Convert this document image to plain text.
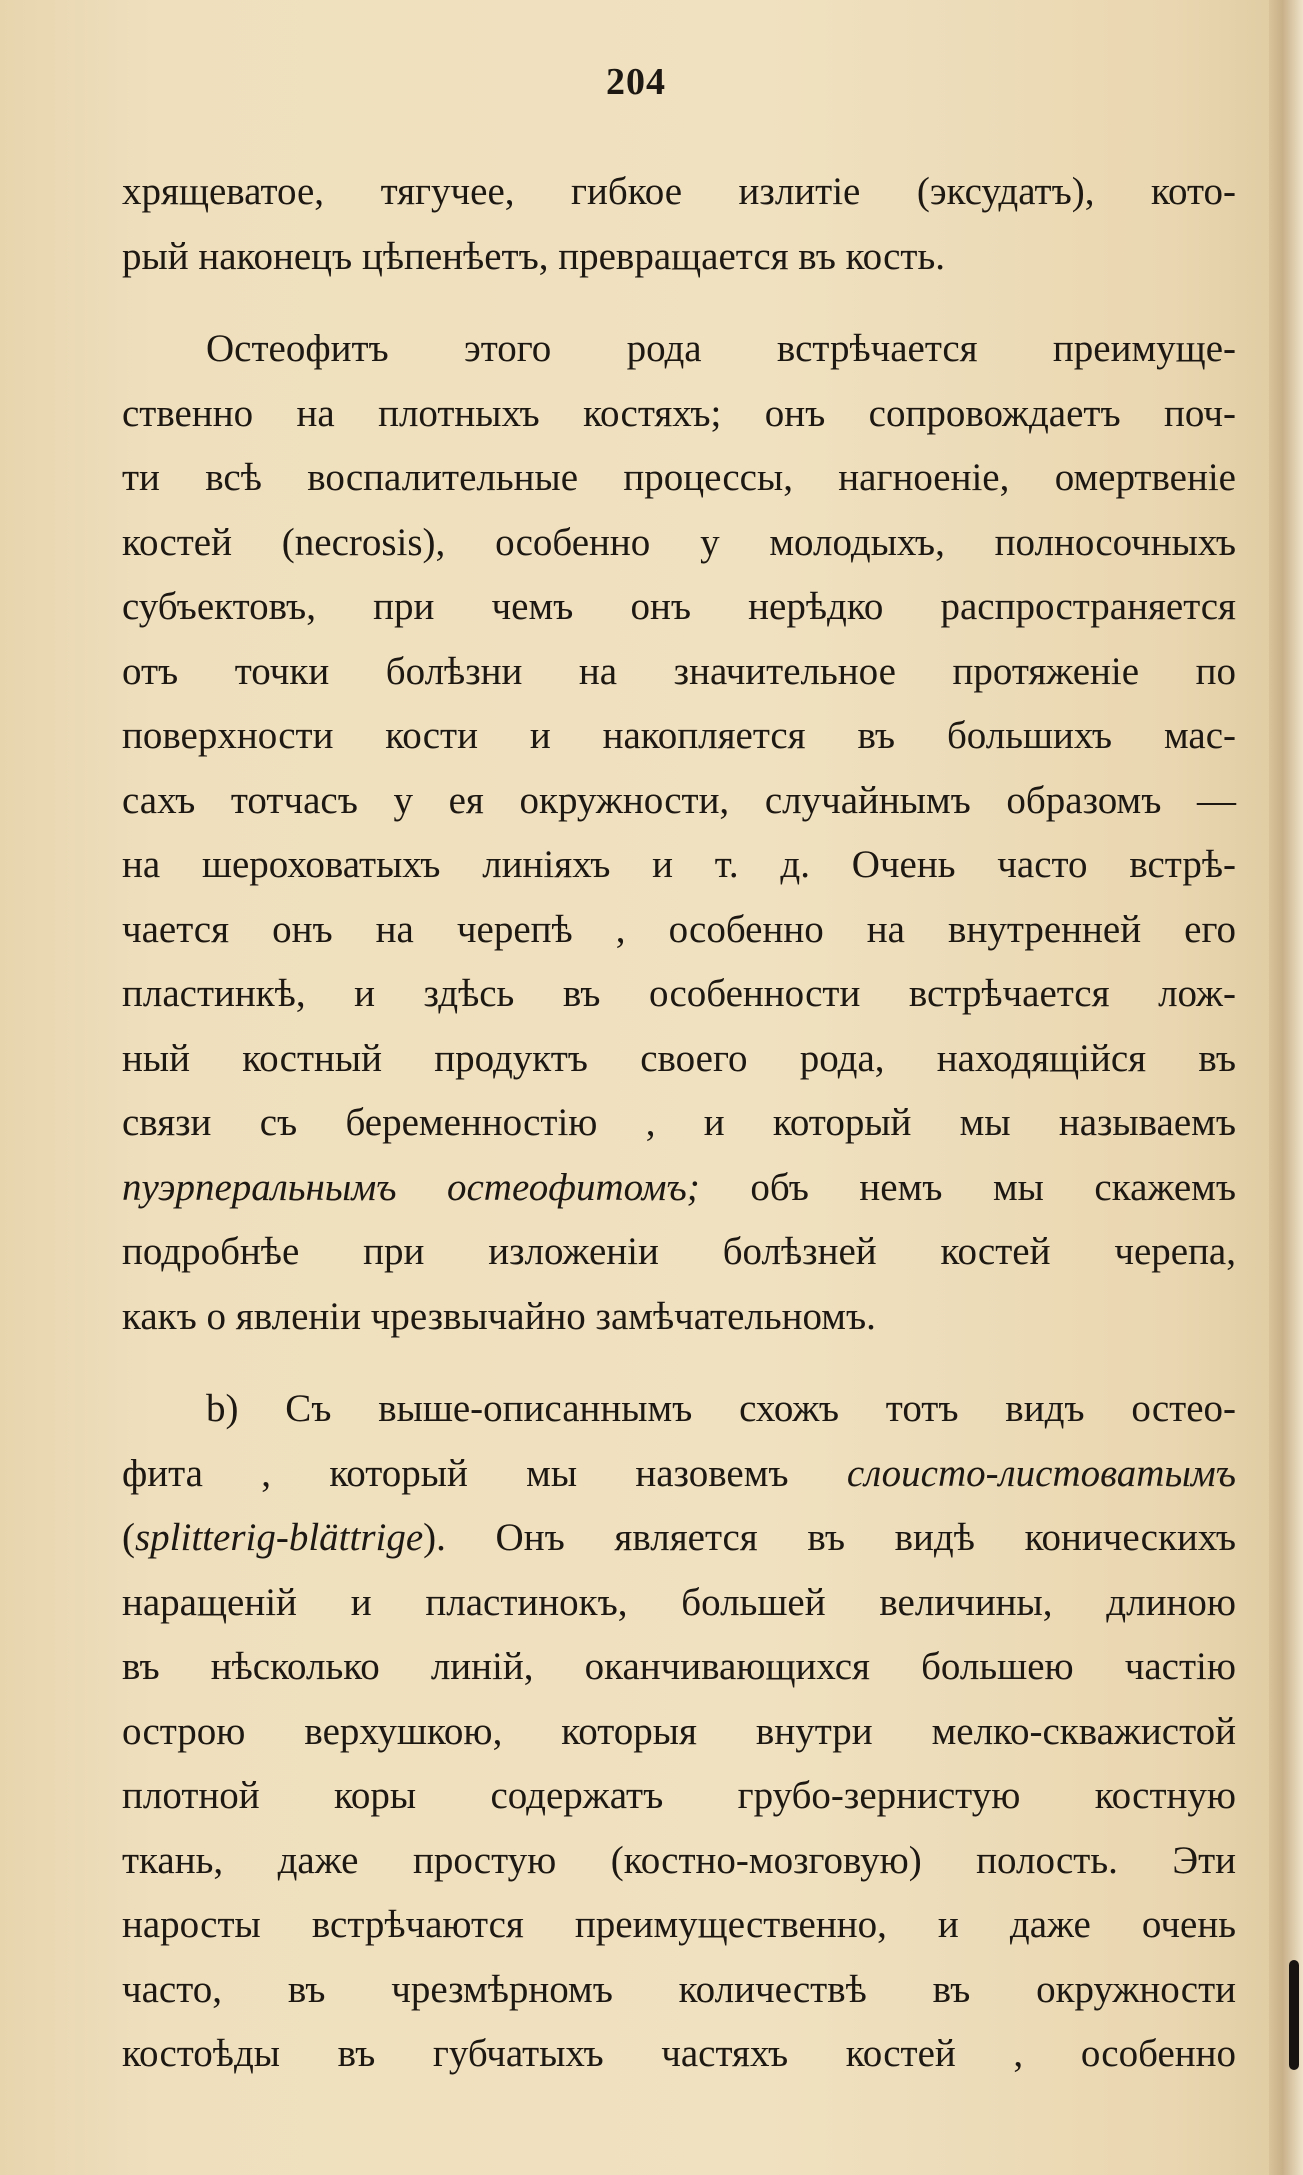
204

хрящеватое, тягучее, гибкое излитіе (эксудатъ), кото-
рый наконецъ цѣпенѣетъ, превращается въ кость.

Остеофитъ этого рода встрѣчается преимуще-
ственно на плотныхъ костяхъ; онъ сопровождаетъ поч-
ти всѣ воспалительные процессы, нагноеніе, омертвеніе
костей (necrosis), особенно у молодыхъ, полносочныхъ
субъектовъ, при чемъ онъ нерѣдко распространяется
отъ точки болѣзни на значительное протяженіе по
поверхности кости и накопляется въ большихъ мас-
сахъ тотчасъ у ея окружности, случайнымъ образомъ —
на шероховатыхъ линіяхъ и т. д. Очень часто встрѣ-
чается онъ на черепѣ , особенно на внутренней его
пластинкѣ, и здѣсь въ особенности встрѣчается лож-
ный костный продуктъ своего рода, находящійся въ
связи съ беременностію , и который мы называемъ
пуэрперальнымъ остеофитомъ; объ немъ мы скажемъ
подробнѣе при изложеніи болѣзней костей черепа,
какъ о явленіи чрезвычайно замѣчательномъ.

b) Съ выше-описаннымъ схожъ тотъ видъ остео-
фита , который мы назовемъ слоисто-листоватымъ
(splitterig-blättrige). Онъ является въ видѣ коническихъ
наращеній и пластинокъ, большей величины, длиною
въ нѣсколько линій, оканчивающихся большею частію
острою верхушкою, которыя внутри мелко-скважистой
плотной коры содержатъ грубо-зернистую костную
ткань, даже простую (костно-мозговую) полость. Эти
наросты встрѣчаются преимущественно, и даже очень
часто, въ чрезмѣрномъ количествѣ въ окружности
костоѣды въ губчатыхъ частяхъ костей , особенно
